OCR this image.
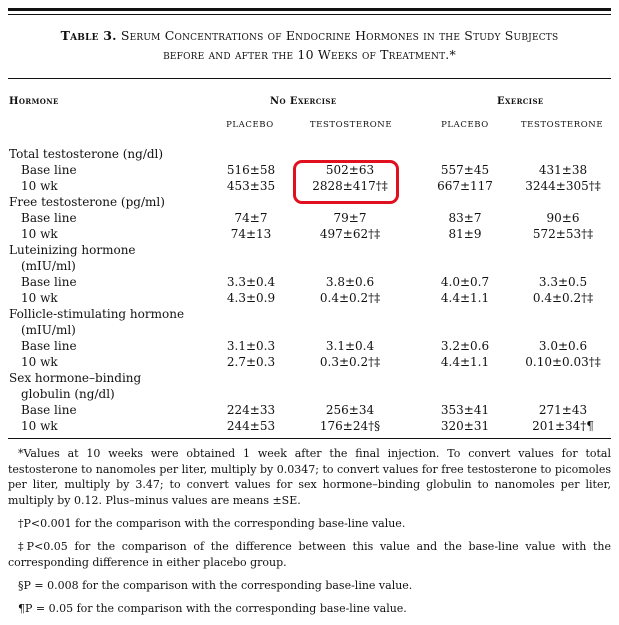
Table 3. Serum Concentrations of Endocrine Hormones in the Study Subjects
before and after the 10 Weeks of Treatment.*
Hormone	No Exercise	Exercise
PLACEBO	TESTOSTERONE	PLACEBO	TESTOSTERONE
Total testosterone (ng/dl)
Base line	516±58	502±63	557±45	431±38
10 wk	453±35	2828±417†‡	667±117	3244±305†‡
Free testosterone (pg/ml)
Base line	74±7	79±7	83±7	90±6
10 wk	74±13	497±62†‡	81±9	572±53†‡
Luteinizing hormone
(mIU/ml)
Base line	3.3±0.4	3.8±0.6	4.0±0.7	3.3±0.5
10 wk	4.3±0.9	0.4±0.2†‡	4.4±1.1	0.4±0.2†‡
Follicle-stimulating hormone
(mIU/ml)
Base line	3.1±0.3	3.1±0.4	3.2±0.6	3.0±0.6
10 wk	2.7±0.3	0.3±0.2†‡	4.4±1.1	0.10±0.03†‡
Sex hormone–binding
globulin (ng/dl)
Base line	224±33	256±34	353±41	271±43
10 wk	244±53	176±24†§	320±31	201±34†¶
*Values at 10 weeks were obtained 1 week after the final injection. To convert values for total testosterone to nanomoles per liter, multiply by 0.0347; to convert values for free testosterone to picomoles per liter, multiply by 3.47; to convert values for sex hormone–binding globulin to nanomoles per liter, multiply by 0.12. Plus–minus values are means ±SE.
†P<0.001 for the comparison with the corresponding base-line value.
‡P<0.05 for the comparison of the difference between this value and the base-line value with the corresponding difference in either placebo group.
§P = 0.008 for the comparison with the corresponding base-line value.
¶P = 0.05 for the comparison with the corresponding base-line value.
